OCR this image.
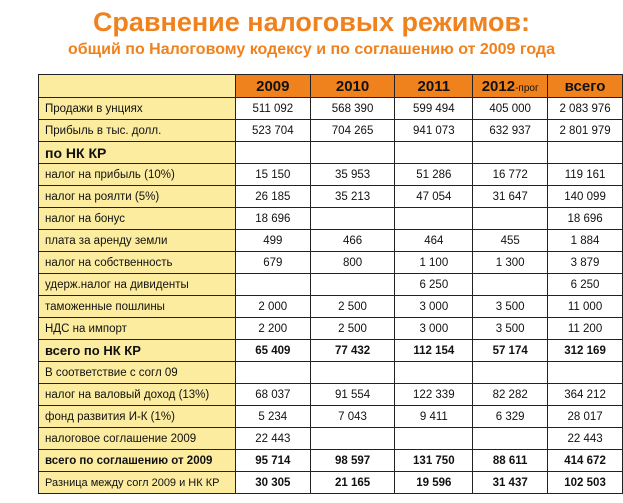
Сравнение налоговых режимов:
общий по Налоговому кодексу и по соглашению от 2009 года
	2009	2010	2011	2012-прог	всего
Продажи в унциях	511 092	568 390	599 494	405 000	2 083 976
Прибыль в тыс. долл.	523 704	704 265	941 073	632 937	2 801 979
по НК КР					
налог на прибыль (10%)	15 150	35 953	51 286	16 772	119 161
налог на роялти (5%)	26 185	35 213	47 054	31 647	140 099
налог на бонус	18 696				18 696
плата за аренду земли	499	466	464	455	1 884
налог на собственность	679	800	1 100	1 300	3 879
удерж.налог на дивиденты			6 250		6 250
таможенные пошлины	2 000	2 500	3 000	3 500	11 000
НДС на импорт	2 200	2 500	3 000	3 500	11 200
всего по НК КР	65 409	77 432	112 154	57 174	312 169
В соответствие с согл 09					
налог на валовый доход (13%)	68 037	91 554	122 339	82 282	364 212
фонд развития И-К (1%)	5 234	7 043	9 411	6 329	28 017
налоговое соглашение 2009	22 443				22 443
всего по соглашению от 2009	95 714	98 597	131 750	88 611	414 672
Разница между согл 2009 и НК КР	30 305	21 165	19 596	31 437	102 503
